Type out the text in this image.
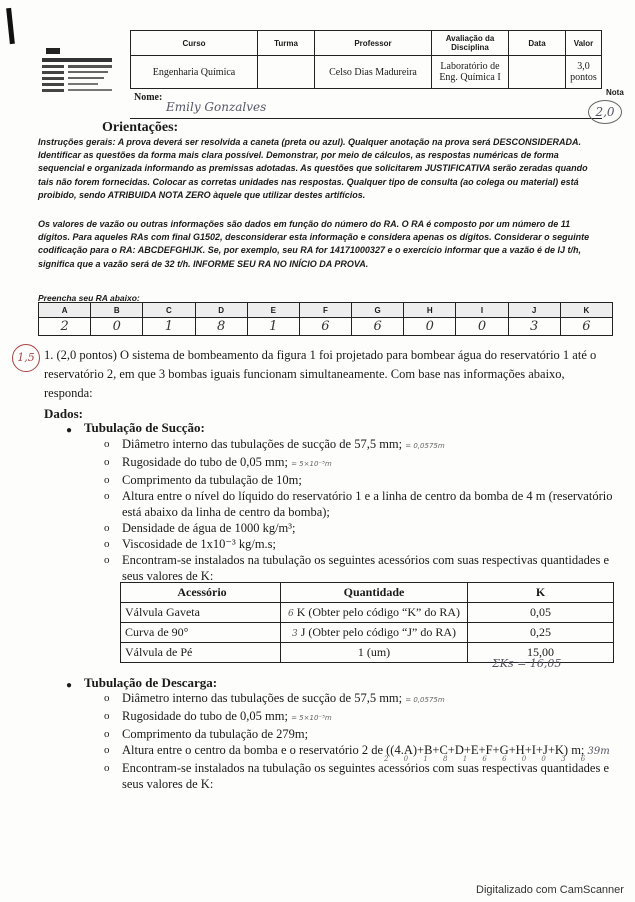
Curso	Turma	Professor	Avaliação da Disciplina	Data	Valor
Engenharia Química		Celso Dias Madureira	Laboratório de Eng. Química I		3,0 pontos
Nome:	Nota
Emily Gonzalves	2,0
Orientações:
Instruções gerais: A prova deverá ser resolvida a caneta (preta ou azul). Qualquer anotação na prova será DESCONSIDERADA. Identificar as questões da forma mais clara possível. Demonstrar, por meio de cálculos, as respostas numéricas de forma sequencial e organizada informando as premissas adotadas. As questões que solicitarem JUSTIFICATIVA serão zeradas quando tais não forem fornecidas. Colocar as corretas unidades nas respostas. Qualquer tipo de consulta (ao colega ou material) está proibido, sendo ATRIBUIDA NOTA ZERO àquele que utilizar destes artifícios.
Os valores de vazão ou outras informações são dados em função do número do RA. O RA é composto por um número de 11 dígitos. Para aqueles RAs com final G1502, desconsiderar esta informação e considera apenas os dígitos. Considerar o seguinte codificação para o RA: ABCDEFGHIJK. Se, por exemplo, seu RA for 14171000327 e o exercício informar que a vazão é de IJ t/h, significa que a vazão será de 32 t/h. INFORME SEU RA NO INÍCIO DA PROVA.
Preencha seu RA abaixo:
A	B	C	D	E	F	G	H	I	J	K
2	0	1	8	1	6	6	0	0	3	6
1,5 1. (2,0 pontos) O sistema de bombeamento da figura 1 foi projetado para bombear água do reservatório 1 até o reservatório 2, em que 3 bombas iguais funcionam simultaneamente. Com base nas informações abaixo, responda:
Dados:
● Tubulação de Sucção:
o Diâmetro interno das tubulações de sucção de 57,5 mm; = 0,0575m
o Rugosidade do tubo de 0,05 mm; = 5×10⁻⁵m
o Comprimento da tubulação de 10m;
o Altura entre o nível do líquido do reservatório 1 e a linha de centro da bomba de 4 m (reservatório está abaixo da linha de centro da bomba);
o Densidade de água de 1000 kg/m³;
o Viscosidade de 1x10⁻³ kg/m.s;
o Encontram-se instalados na tubulação os seguintes acessórios com suas respectivas quantidades e seus valores de K:
Acessório	Quantidade	K
Válvula Gaveta	6 K (Obter pelo código “K” do RA)	0,05
Curva de 90°	3 J (Obter pelo código “J” do RA)	0,25
Válvula de Pé	1 (um)	15,00
ΣKs = 16,05
● Tubulação de Descarga:
o Diâmetro interno das tubulações de sucção de 57,5 mm; = 0,0575m
o Rugosidade do tubo de 0,05 mm; = 5×10⁻⁵m
o Comprimento da tubulação de 279m;
o Altura entre o centro da bomba e o reservatório 2 de ((4.A)+B+C+D+E+F+G+H+I+J+K) m; 39m
o Encontram-se instalados na tubulação os seguintes acessórios com suas respectivas quantidades e seus valores de K:
2 0 1 8 1 6 6 0 0 3 6
Digitalizado com CamScanner
